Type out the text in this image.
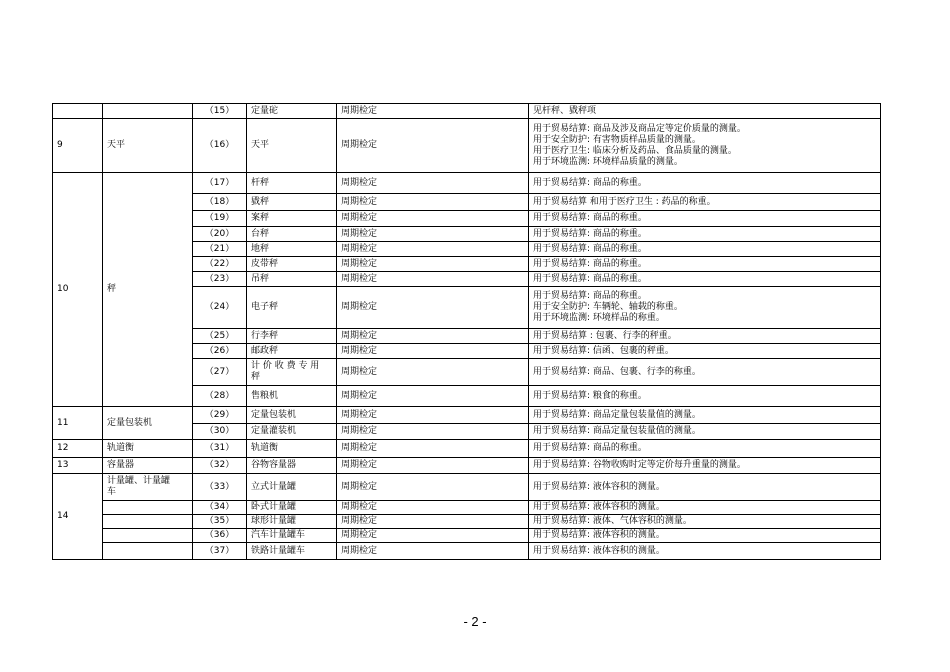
		（15）	定量砣	周期检定	见杆秤、戥秤项
9	天平	（16）	天平	周期检定	用于贸易结算: 商品及涉及商品定等定价质量的测量。
用于安全防护: 有害物质样品质量的测量。
用于医疗卫生: 临床分析及药品、食品质量的测量。
用于环境监测: 环境样品质量的测量。
10	秤	（17）	杆秤	周期检定	用于贸易结算: 商品的称重。
		（18）	戥秤	周期检定	用于贸易结算 和用于医疗卫生 : 药品的称重。
		（19）	案秤	周期检定	用于贸易结算: 商品的称重。
		（20）	台秤	周期检定	用于贸易结算: 商品的称重。
		（21）	地秤	周期检定	用于贸易结算: 商品的称重。
		（22）	皮带秤	周期检定	用于贸易结算: 商品的称重。
		（23）	吊秤	周期检定	用于贸易结算: 商品的称重。
		（24）	电子秤	周期检定	用于贸易结算: 商品的称重。
用于安全防护: 车辆轮、轴载的称重。
用于环境监测: 环境样品的称重。
		（25）	行李秤	周期检定	用于贸易结算 : 包裹、行李的秤重。
		（26）	邮政秤	周期检定	用于贸易结算: 信函、包裹的秤重。
		（27）	计 价 收 费 专 用
秤	周期检定	用于贸易结算: 商品、包裹、行李的称重。
		（28）	售粮机	周期检定	用于贸易结算: 粮食的称重。
11	定量包装机	（29）	定量包装机	周期检定	用于贸易结算: 商品定量包装量值的测量。
		（30）	定量灌装机	周期检定	用于贸易结算: 商品定量包装量值的测量。
12	轨道衡	（31）	轨道衡	周期检定	用于贸易结算: 商品的称重。
13	容量器	（32）	谷物容量器	周期检定	用于贸易结算: 谷物收购时定等定价每升重量的测量。
14	计量罐、计量罐
车	（33）	立式计量罐	周期检定	用于贸易结算: 液体容积的测量。
		（34）	卧式计量罐	周期检定	用于贸易结算: 液体容积的测量。
		（35）	球形计量罐	周期检定	用于贸易结算: 液体、气体容积的测量。
		（36）	汽车计量罐车	周期检定	用于贸易结算: 液体容积的测量。
		（37）	铁路计量罐车	周期检定	用于贸易结算: 液体容积的测量。
- 2 -
